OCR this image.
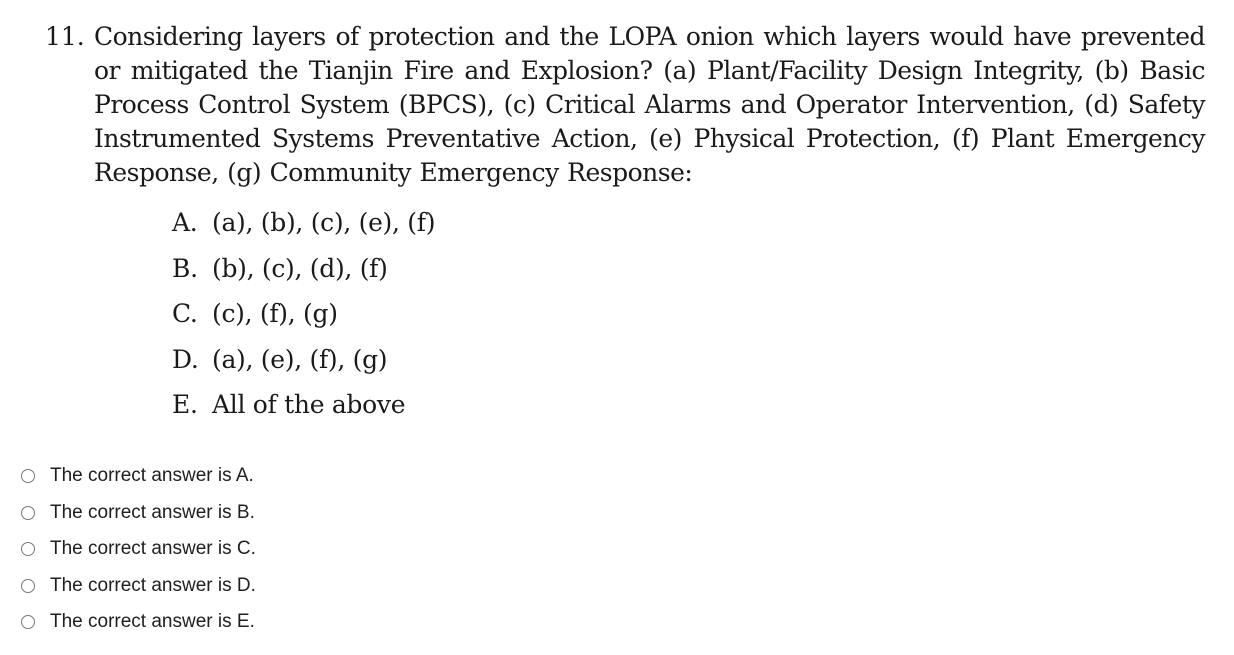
11. Considering layers of protection and the LOPA onion which layers would have prevented or mitigated the Tianjin Fire and Explosion? (a) Plant/Facility Design Integrity, (b) Basic Process Control System (BPCS), (c) Critical Alarms and Operator Intervention, (d) Safety Instrumented Systems Preventative Action, (e) Physical Protection, (f) Plant Emergency Response, (g) Community Emergency Response:
A. (a), (b), (c), (e), (f)
B. (b), (c), (d), (f)
C. (c), (f), (g)
D. (a), (e), (f), (g)
E. All of the above
The correct answer is A.
The correct answer is B.
The correct answer is C.
The correct answer is D.
The correct answer is E.
